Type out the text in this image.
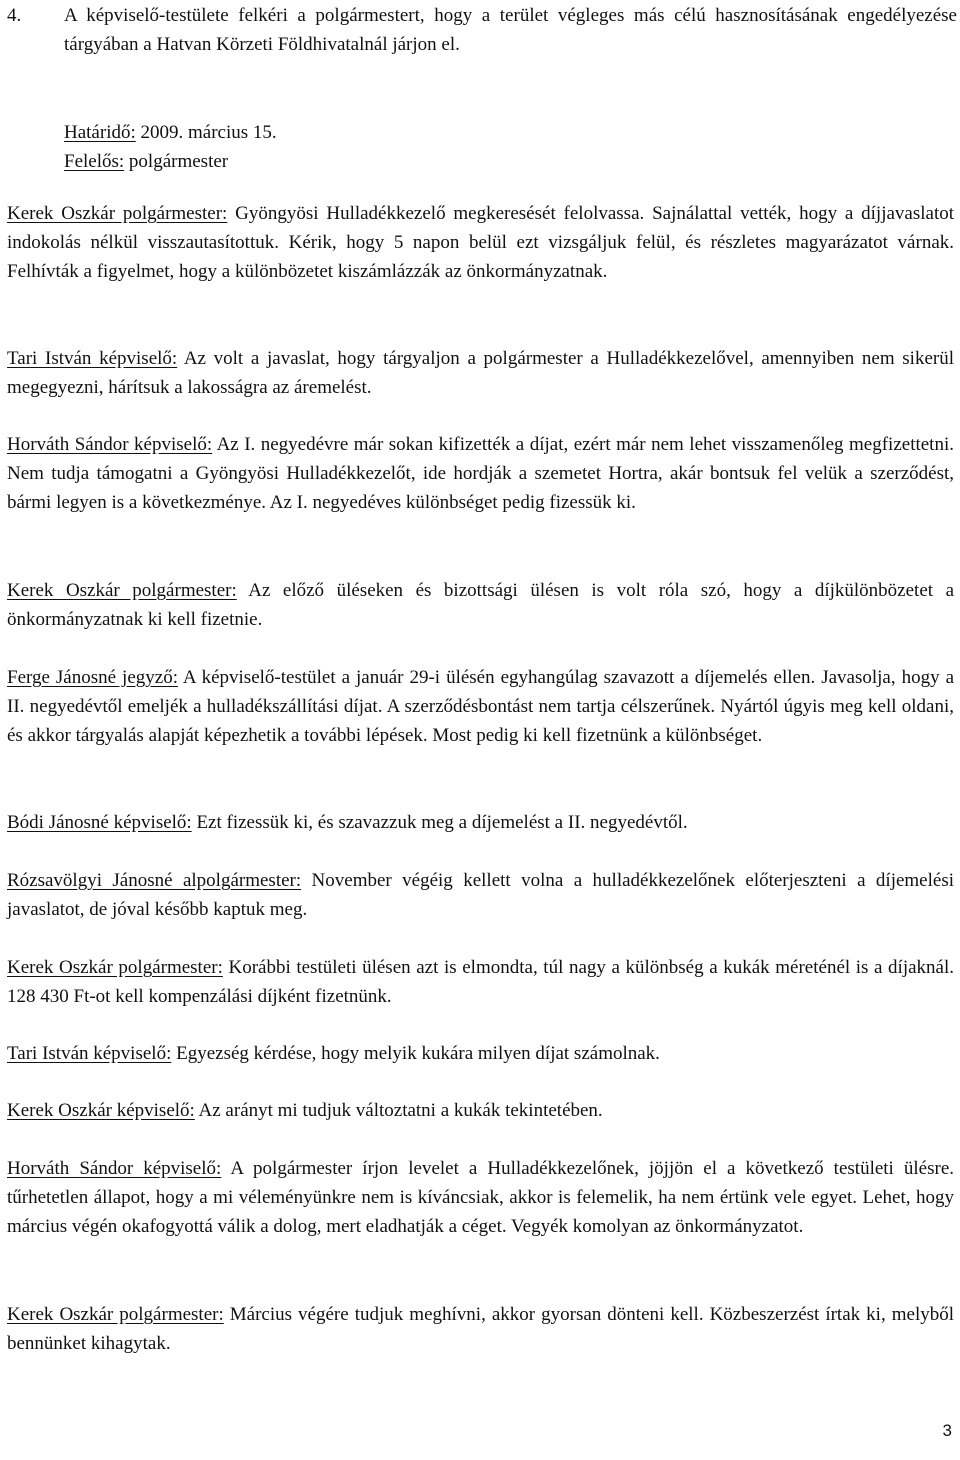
4. A képviselő-testülete felkéri a polgármestert, hogy a terület végleges más célú hasznosításának engedélyezése tárgyában a Hatvan Körzeti Földhivatalnál járjon el.
Határidő: 2009. március 15.
Felelős: polgármester
Kerek Oszkár polgármester: Gyöngyösi Hulladékkezelő megkeresését felolvassa. Sajnálattal vették, hogy a díjjavaslatot indokolás nélkül visszautasítottuk. Kérik, hogy 5 napon belül ezt vizsgáljuk felül, és részletes magyarázatot várnak. Felhívták a figyelmet, hogy a különbözetet kiszámlázzák az önkormányzatnak.
Tari István képviselő: Az volt a javaslat, hogy tárgyaljon a polgármester a Hulladékkezelővel, amennyiben nem sikerül megegyezni, hárítsuk a lakosságra az áremelést.
Horváth Sándor képviselő: Az I. negyedévre már sokan kifizették a díjat, ezért már nem lehet visszamenőleg megfizettetni. Nem tudja támogatni a Gyöngyösi Hulladékkezelőt, ide hordják a szemetet Hortra, akár bontsuk fel velük a szerződést, bármi legyen is a következménye. Az I. negyedéves különbséget pedig fizessük ki.
Kerek Oszkár polgármester: Az előző üléseken és bizottsági ülésen is volt róla szó, hogy a díjkülönbözetet a önkormányzatnak ki kell fizetnie.
Ferge Jánosné jegyző: A képviselő-testület a január 29-i ülésén egyhangúlag szavazott a díjemelés ellen. Javasolja, hogy a II. negyedévtől emeljék a hulladékszállítási díjat. A szerződésbontást nem tartja célszerűnek. Nyártól úgyis meg kell oldani, és akkor tárgyalás alapját képezhetik a további lépések. Most pedig ki kell fizetnünk a különbséget.
Bódi Jánosné képviselő: Ezt fizessük ki, és szavazzuk meg a díjemelést a II. negyedévtől.
Rózsavölgyi Jánosné alpolgármester: November végéig kellett volna a hulladékkezelőnek előterjeszteni a díjemelési javaslatot, de jóval később kaptuk meg.
Kerek Oszkár polgármester: Korábbi testületi ülésen azt is elmondta, túl nagy a különbség a kukák méreténél is a díjaknál. 128 430 Ft-ot kell kompenzálási díjként fizetnünk.
Tari István képviselő: Egyezség kérdése, hogy melyik kukára milyen díjat számolnak.
Kerek Oszkár képviselő: Az arányt mi tudjuk változtatni a kukák tekintetében.
Horváth Sándor képviselő: A polgármester írjon levelet a Hulladékkezelőnek, jöjjön el a következő testületi ülésre. tűrhetetlen állapot, hogy a mi véleményünkre nem is kíváncsiak, akkor is felemelik, ha nem értünk vele egyet. Lehet, hogy március végén okafogyottá válik a dolog, mert eladhatják a céget. Vegyék komolyan az önkormányzatot.
Kerek Oszkár polgármester: Március végére tudjuk meghívni, akkor gyorsan dönteni kell. Közbeszerzést írtak ki, melyből bennünket kihagytak.
3
